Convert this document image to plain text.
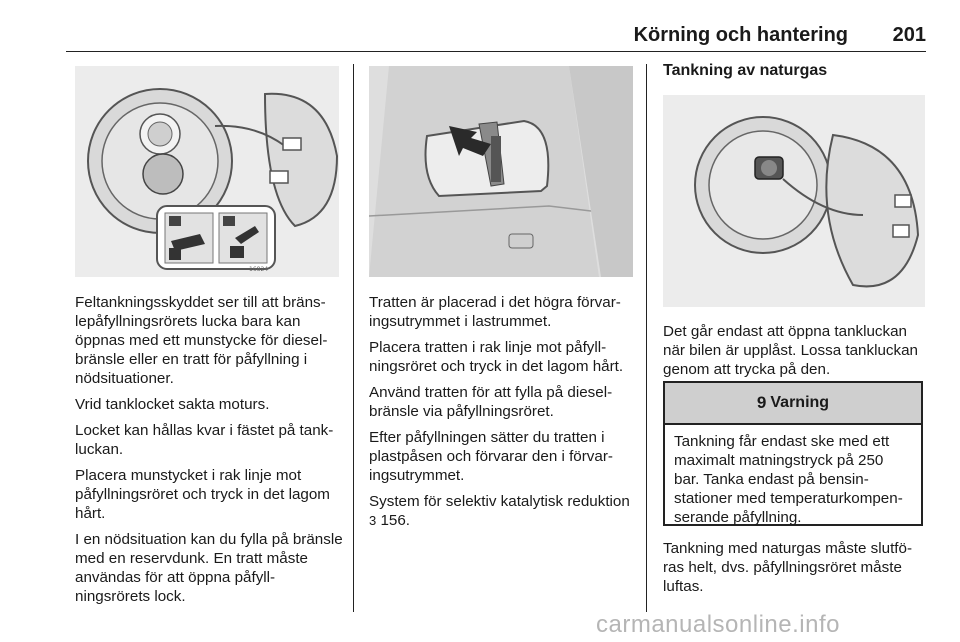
Körning och hantering	201
16824

Feltankningsskyddet ser till att bränslepåfyllningsrörets lucka bara kan öppnas med ett munstycke för dieselbränsle eller en tratt för påfyllning i nödsituationer.

Vrid tanklocket sakta moturs.

Locket kan hållas kvar i fästet på tankluckan.

Placera munstycket i rak linje mot påfyllningsröret och tryck in det lagom hårt.

I en nödsituation kan du fylla på bränsle med en reservdunk. En tratt måste användas för att öppna påfyllningsrörets lock.

Tratten är placerad i det högra förvaringsutrymmet i lastrummet.

Placera tratten i rak linje mot påfyllningsröret och tryck in det lagom hårt.

Använd tratten för att fylla på dieselbränsle via påfyllningsröret.

Efter påfyllningen sätter du tratten i plastpåsen och förvarar den i förvaringsutrymmet.

System för selektiv katalytisk reduktion 3 156.

Tankning av naturgas

Det går endast att öppna tankluckan när bilen är upplåst. Lossa tankluckan genom att trycka på den.

9 Varning
Tankning får endast ske med ett maximalt matningstryck på 250 bar. Tanka endast på bensinstationer med temperaturkompenserande påfyllning.

Tankning med naturgas måste slutföras helt, dvs. påfyllningsröret måste luftas.

carmanualsonline.info
